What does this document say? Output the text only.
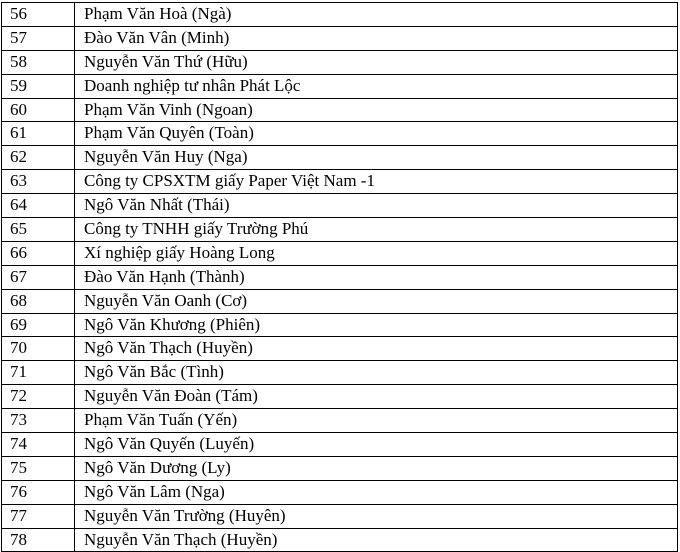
56	Phạm Văn Hoà (Ngà)
57	Đào Văn Vân (Minh)
58	Nguyễn Văn Thứ (Hữu)
59	Doanh nghiệp tư nhân Phát Lộc
60	Phạm Văn Vinh (Ngoan)
61	Phạm Văn Quyên (Toàn)
62	Nguyễn Văn Huy (Nga)
63	Công ty CPSXTM giấy Paper Việt Nam -1
64	Ngô Văn Nhất (Thái)
65	Công ty TNHH giấy Trường Phú
66	Xí nghiệp giấy Hoàng Long
67	Đào Văn Hạnh (Thành)
68	Nguyễn Văn Oanh (Cơ)
69	Ngô Văn Khương (Phiên)
70	Ngô Văn Thạch (Huyền)
71	Ngô Văn Bắc (Tình)
72	Nguyễn Văn Đoàn (Tám)
73	Phạm Văn Tuấn (Yến)
74	Ngô Văn Quyến (Luyến)
75	Ngô Văn Dương (Ly)
76	Ngô Văn Lâm (Nga)
77	Nguyễn Văn Trường (Huyên)
78	Nguyễn Văn Thạch (Huyền)
